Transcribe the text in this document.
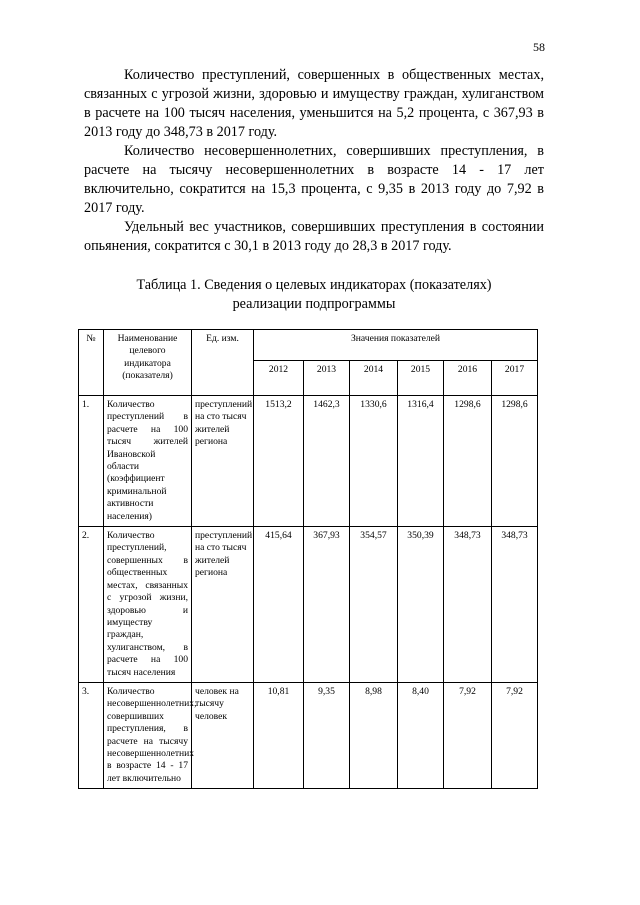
58

Количество преступлений, совершенных в общественных местах, связанных с угрозой жизни, здоровью и имуществу граждан, хулиганством в расчете на 100 тысяч населения, уменьшится на 5,2 процента, с 367,93 в 2013 году до 348,73 в 2017 году.

Количество несовершеннолетних, совершивших преступления, в расчете на тысячу несовершеннолетних в возрасте 14 - 17 лет включительно, сократится на 15,3 процента, с 9,35 в 2013 году до 7,92 в 2017 году.

Удельный вес участников, совершивших преступления в состоянии опьянения, сократится с 30,1 в 2013 году до 28,3 в 2017 году.

Таблица 1. Сведения о целевых индикаторах (показателях)
реализации подпрограммы
№	Наименование целевого индикатора (показателя)	Ед. изм.	Значения показателей					
			2012	2013	2014	2015	2016	2017
1.	Количество преступлений в расчете на 100 тысяч жителей Ивановской области (коэффициент криминальной активности населения)	преступлений на сто тысяч жителей региона	1513,2	1462,3	1330,6	1316,4	1298,6	1298,6
2.	Количество преступлений, совершенных в общественных местах, связанных с угрозой жизни, здоровью и имуществу граждан, хулиганством, в расчете на 100 тысяч населения	преступлений на сто тысяч жителей региона	415,64	367,93	354,57	350,39	348,73	348,73
3.	Количество несовершеннолетних, совершивших преступления, в расчете на тысячу несовершеннолетних в возрасте 14 - 17 лет включительно	человек на тысячу человек	10,81	9,35	8,98	8,40	7,92	7,92
